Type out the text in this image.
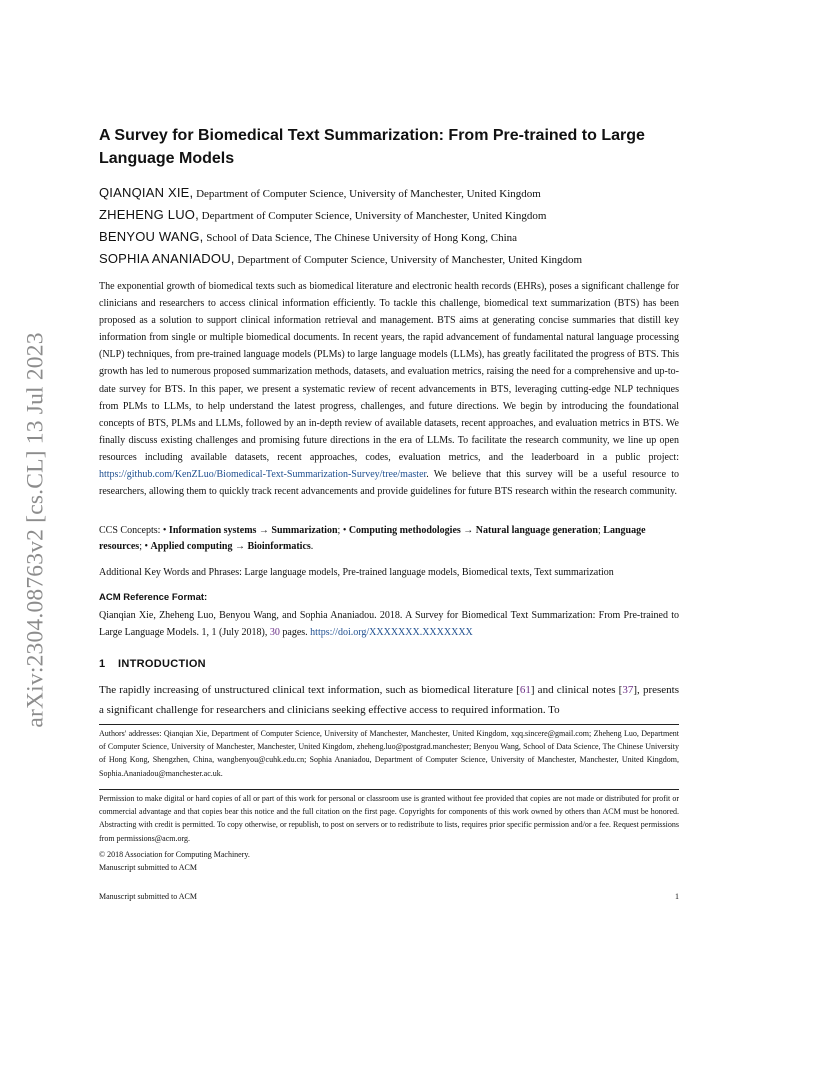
arXiv:2304.08763v2 [cs.CL] 13 Jul 2023
A Survey for Biomedical Text Summarization: From Pre-trained to Large Language Models
QIANQIAN XIE, Department of Computer Science, University of Manchester, United Kingdom
ZHEHENG LUO, Department of Computer Science, University of Manchester, United Kingdom
BENYOU WANG, School of Data Science, The Chinese University of Hong Kong, China
SOPHIA ANANIADOU, Department of Computer Science, University of Manchester, United Kingdom
The exponential growth of biomedical texts such as biomedical literature and electronic health records (EHRs), poses a significant challenge for clinicians and researchers to access clinical information efficiently. To tackle this challenge, biomedical text summarization (BTS) has been proposed as a solution to support clinical information retrieval and management. BTS aims at generating concise summaries that distill key information from single or multiple biomedical documents. In recent years, the rapid advancement of fundamental natural language processing (NLP) techniques, from pre-trained language models (PLMs) to large language models (LLMs), has greatly facilitated the progress of BTS. This growth has led to numerous proposed summarization methods, datasets, and evaluation metrics, raising the need for a comprehensive and up-to-date survey for BTS. In this paper, we present a systematic review of recent advancements in BTS, leveraging cutting-edge NLP techniques from PLMs to LLMs, to help understand the latest progress, challenges, and future directions. We begin by introducing the foundational concepts of BTS, PLMs and LLMs, followed by an in-depth review of available datasets, recent approaches, and evaluation metrics in BTS. We finally discuss existing challenges and promising future directions in the era of LLMs. To facilitate the research community, we line up open resources including available datasets, recent approaches, codes, evaluation metrics, and the leaderboard in a public project: https://github.com/KenZLuo/Biomedical-Text-Summarization-Survey/tree/master. We believe that this survey will be a useful resource to researchers, allowing them to quickly track recent advancements and provide guidelines for future BTS research within the research community.
CCS Concepts: • Information systems → Summarization; • Computing methodologies → Natural language generation; Language resources; • Applied computing → Bioinformatics.
Additional Key Words and Phrases: Large language models, Pre-trained language models, Biomedical texts, Text summarization
ACM Reference Format:
Qianqian Xie, Zheheng Luo, Benyou Wang, and Sophia Ananiadou. 2018. A Survey for Biomedical Text Summarization: From Pre-trained to Large Language Models. 1, 1 (July 2018), 30 pages. https://doi.org/XXXXXXX.XXXXXXX
1 INTRODUCTION
The rapidly increasing of unstructured clinical text information, such as biomedical literature [61] and clinical notes [37], presents a significant challenge for researchers and clinicians seeking effective access to required information. To
Authors' addresses: Qianqian Xie, Department of Computer Science, University of Manchester, Manchester, United Kingdom, xqq.sincere@gmail.com; Zheheng Luo, Department of Computer Science, University of Manchester, Manchester, United Kingdom, zheheng.luo@postgrad.manchester; Benyou Wang, School of Data Science, The Chinese University of Hong Kong, Shengzhen, China, wangbenyou@cuhk.edu.cn; Sophia Ananiadou, Department of Computer Science, University of Manchester, Manchester, United Kingdom, Sophia.Ananiadou@manchester.ac.uk.
Permission to make digital or hard copies of all or part of this work for personal or classroom use is granted without fee provided that copies are not made or distributed for profit or commercial advantage and that copies bear this notice and the full citation on the first page. Copyrights for components of this work owned by others than ACM must be honored. Abstracting with credit is permitted. To copy otherwise, or republish, to post on servers or to redistribute to lists, requires prior specific permission and/or a fee. Request permissions from permissions@acm.org.
© 2018 Association for Computing Machinery.
Manuscript submitted to ACM
Manuscript submitted to ACM	1
